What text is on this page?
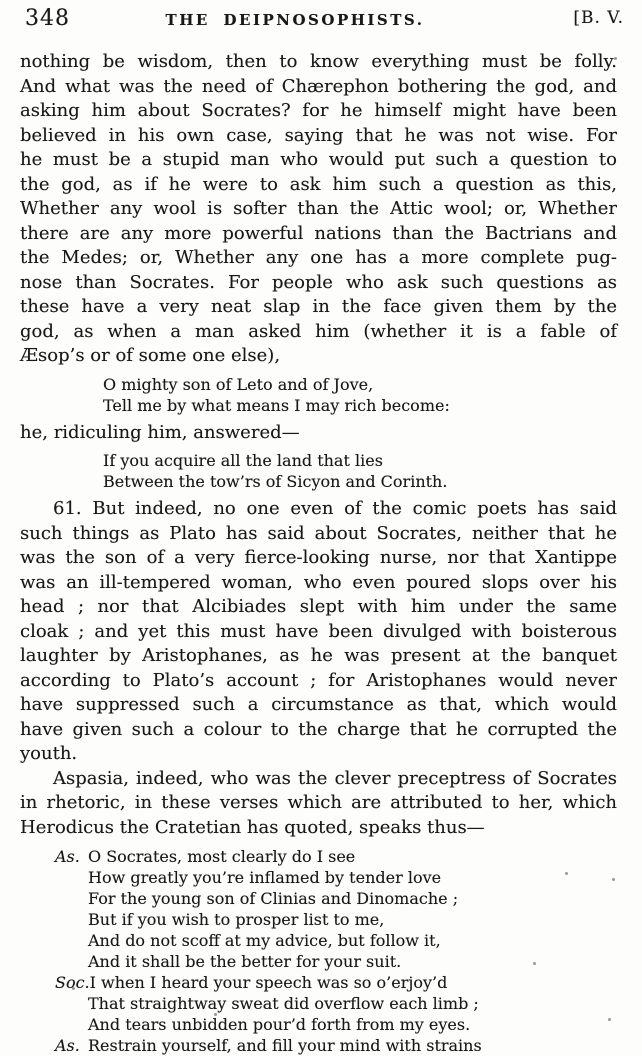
348	THE DEIPNOSOPHISTS.	[B. V.
nothing be wisdom, then to know everything must be folly.
And what was the need of Chærephon bothering the god, and
asking him about Socrates? for he himself might have been
believed in his own case, saying that he was not wise. For
he must be a stupid man who would put such a question to
the god, as if he were to ask him such a question as this,
Whether any wool is softer than the Attic wool; or, Whether
there are any more powerful nations than the Bactrians and
the Medes; or, Whether any one has a more complete pug-
nose than Socrates. For people who ask such questions as
these have a very neat slap in the face given them by the
god, as when a man asked him (whether it is a fable of
Æsop’s or of some one else),
O mighty son of Leto and of Jove,
Tell me by what means I may rich become:
he, ridiculing him, answered—
If you acquire all the land that lies
Between the tow’rs of Sicyon and Corinth.
61. But indeed, no one even of the comic poets has said
such things as Plato has said about Socrates, neither that he
was the son of a very fierce-looking nurse, nor that Xantippe
was an ill-tempered woman, who even poured slops over his
head ; nor that Alcibiades slept with him under the same
cloak ; and yet this must have been divulged with boisterous
laughter by Aristophanes, as he was present at the banquet
according to Plato’s account ; for Aristophanes would never
have suppressed such a circumstance as that, which would
have given such a colour to the charge that he corrupted the
youth.
Aspasia, indeed, who was the clever preceptress of Socrates
in rhetoric, in these verses which are attributed to her, which
Herodicus the Cratetian has quoted, speaks thus—
As. O Socrates, most clearly do I see
How greatly you’re inflamed by tender love
For the young son of Clinias and Dinomache ;
But if you wish to prosper list to me,
And do not scoff at my advice, but follow it,
And it shall be the better for your suit.
Soc. I when I heard your speech was so o’erjoy’d
That straightway sweat did overflow each limb ;
And tears unbidden pour’d forth from my eyes.
As. Restrain yourself, and fill your mind with strains
